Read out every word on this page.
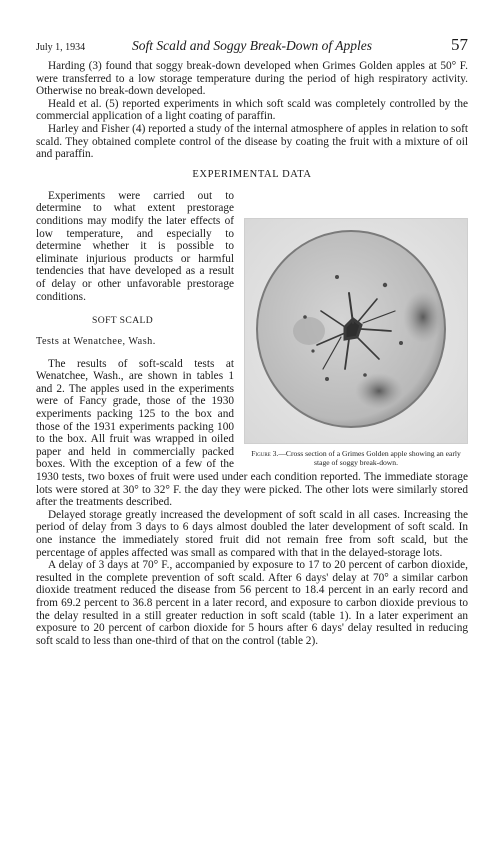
July 1, 1934	Soft Scald and Soggy Break-Down of Apples	57

Harding (3) found that soggy break-down developed when Grimes Golden apples at 50° F. were transferred to a low storage temperature during the period of high respiratory activity. Otherwise no break-down developed.

Heald et al. (5) reported experiments in which soft scald was completely controlled by the commercial application of a light coating of paraffin.

Harley and Fisher (4) reported a study of the internal atmosphere of apples in relation to soft scald. They obtained complete control of the disease by coating the fruit with a mixture of oil and paraffin.

EXPERIMENTAL DATA
Figure 3.—Cross section of a Grimes Golden apple showing an early stage of soggy break-down.

Experiments were carried out to determine to what extent prestorage conditions may modify the later effects of low temperature, and especially to determine whether it is possible to eliminate injurious products or harmful tendencies that have developed as a result of delay or other unfavorable prestorage conditions.

SOFT SCALD

Tests at Wenatchee, Wash.

The results of soft-scald tests at Wenatchee, Wash., are shown in tables 1 and 2. The apples used in the experiments were of Fancy grade, those of the 1930 experiments packing 125 to the box and those of the 1931 experiments packing 100 to the box. All fruit was wrapped in oiled paper and held in commercially packed boxes. With the exception of a few of the 1930 tests, two boxes of fruit were used under each condition reported. The immediate storage lots were stored at 30° to 32° F. the day they were picked. The other lots were similarly stored after the treatments described.

Delayed storage greatly increased the development of soft scald in all cases. Increasing the period of delay from 3 days to 6 days almost doubled the later development of soft scald. In one instance the immediately stored fruit did not remain free from soft scald, but the percentage of apples affected was small as compared with that in the delayed-storage lots.

A delay of 3 days at 70° F., accompanied by exposure to 17 to 20 percent of carbon dioxide, resulted in the complete prevention of soft scald. After 6 days' delay at 70° a similar carbon dioxide treatment reduced the disease from 56 percent to 18.4 percent in an early record and from 69.2 percent to 36.8 percent in a later record, and exposure to carbon dioxide previous to the delay resulted in a still greater reduction in soft scald (table 1). In a later experiment an exposure to 20 percent of carbon dioxide for 5 hours after 6 days' delay resulted in reducing soft scald to less than one-third of that on the control (table 2).
